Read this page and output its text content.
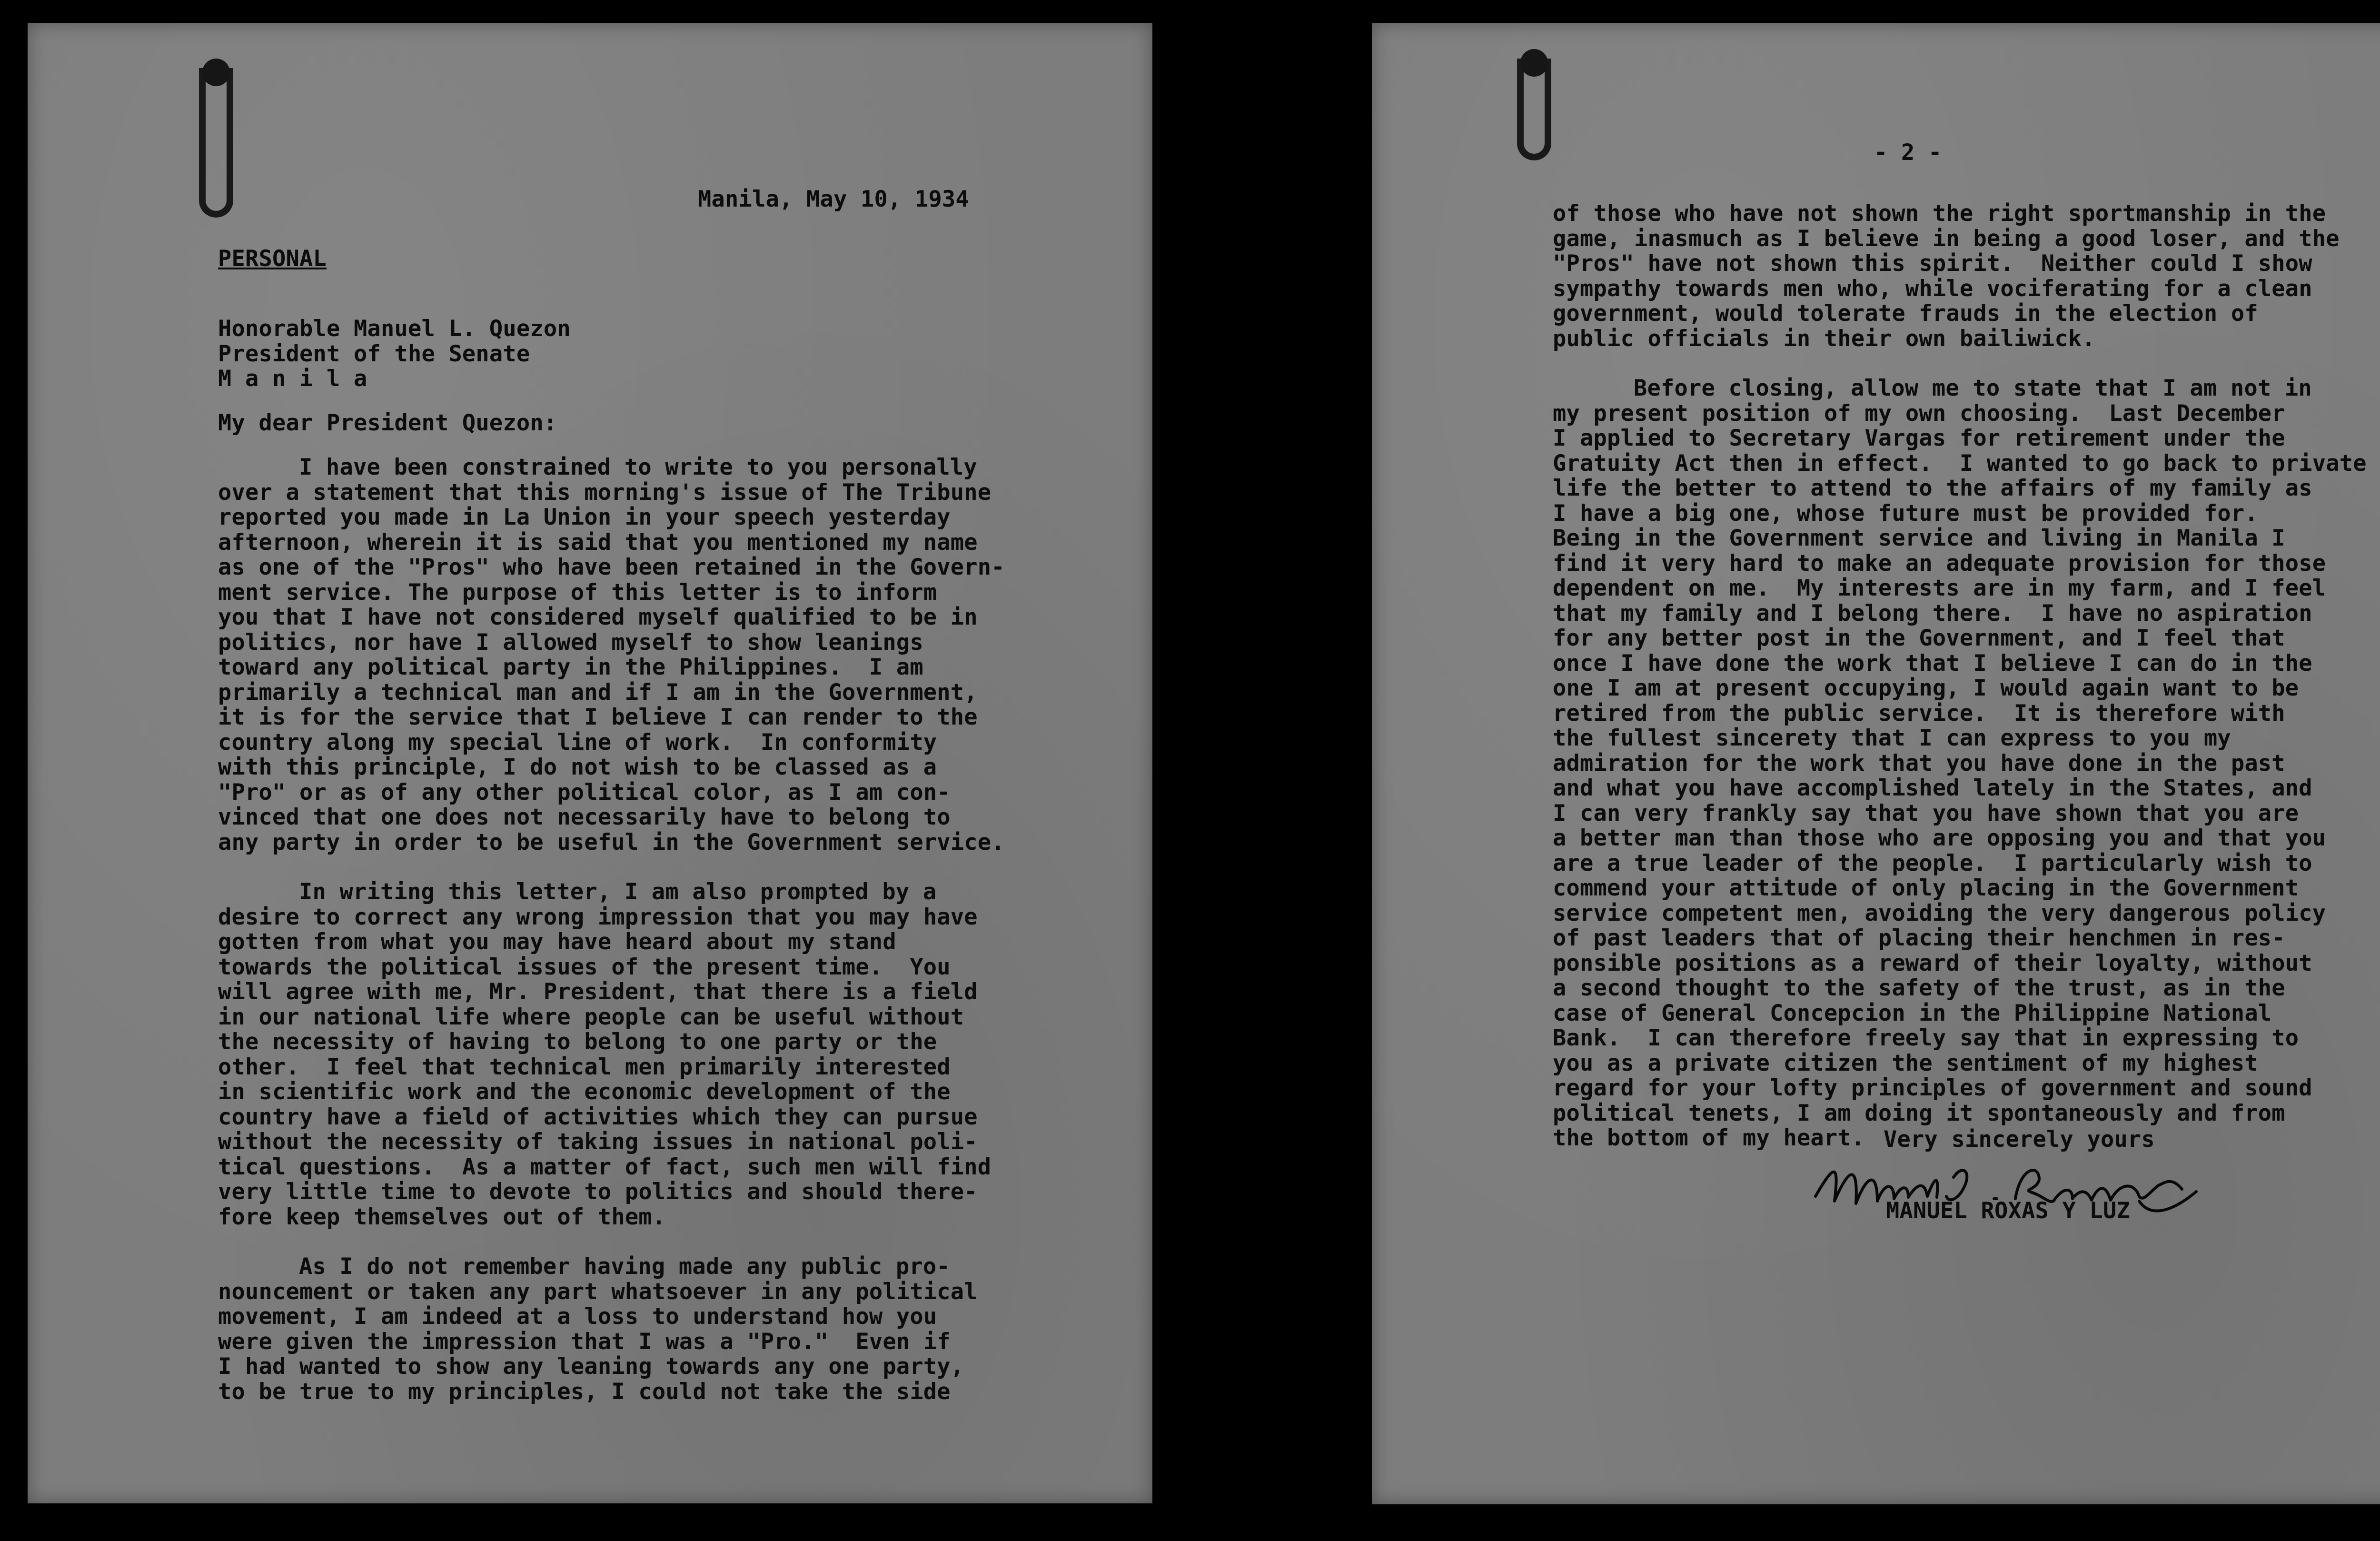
Manila, May 10, 1934
PERSONAL
Honorable Manuel L. Quezon
President of the Senate
M a n i l a
My dear President Quezon:
I have been constrained to write to you personally
over a statement that this morning's issue of The Tribune
reported you made in La Union in your speech yesterday
afternoon, wherein it is said that you mentioned my name
as one of the "Pros" who have been retained in the Govern-
ment service. The purpose of this letter is to inform
you that I have not considered myself qualified to be in
politics, nor have I allowed myself to show leanings
toward any political party in the Philippines.  I am
primarily a technical man and if I am in the Government,
it is for the service that I believe I can render to the
country along my special line of work.  In conformity
with this principle, I do not wish to be classed as a
"Pro" or as of any other political color, as I am con-
vinced that one does not necessarily have to belong to
any party in order to be useful in the Government service.
In writing this letter, I am also prompted by a
desire to correct any wrong impression that you may have
gotten from what you may have heard about my stand
towards the political issues of the present time.  You
will agree with me, Mr. President, that there is a field
in our national life where people can be useful without
the necessity of having to belong to one party or the
other.  I feel that technical men primarily interested
in scientific work and the economic development of the
country have a field of activities which they can pursue
without the necessity of taking issues in national poli-
tical questions.  As a matter of fact, such men will find
very little time to devote to politics and should there-
fore keep themselves out of them.
As I do not remember having made any public pro-
nouncement or taken any part whatsoever in any political
movement, I am indeed at a loss to understand how you
were given the impression that I was a "Pro."  Even if
I had wanted to show any leaning towards any one party,
to be true to my principles, I could not take the side
- 2 -
of those who have not shown the right sportmanship in the
game, inasmuch as I believe in being a good loser, and the
"Pros" have not shown this spirit.  Neither could I show
sympathy towards men who, while vociferating for a clean
government, would tolerate frauds in the election of
public officials in their own bailiwick.
Before closing, allow me to state that I am not in
my present position of my own choosing.  Last December
I applied to Secretary Vargas for retirement under the
Gratuity Act then in effect.  I wanted to go back to private
life the better to attend to the affairs of my family as
I have a big one, whose future must be provided for.
Being in the Government service and living in Manila I
find it very hard to make an adequate provision for those
dependent on me.  My interests are in my farm, and I feel
that my family and I belong there.  I have no aspiration
for any better post in the Government, and I feel that
once I have done the work that I believe I can do in the
one I am at present occupying, I would again want to be
retired from the public service.  It is therefore with
the fullest sincerety that I can express to you my
admiration for the work that you have done in the past
and what you have accomplished lately in the States, and
I can very frankly say that you have shown that you are
a better man than those who are opposing you and that you
are a true leader of the people.  I particularly wish to
commend your attitude of only placing in the Government
service competent men, avoiding the very dangerous policy
of past leaders that of placing their henchmen in res-
ponsible positions as a reward of their loyalty, without
a second thought to the safety of the trust, as in the
case of General Concepcion in the Philippine National
Bank.  I can therefore freely say that in expressing to
you as a private citizen the sentiment of my highest
regard for your lofty principles of government and sound
political tenets, I am doing it spontaneously and from
the bottom of my heart. Very sincerely yours
MANUEL ROXAS Y LUZ
